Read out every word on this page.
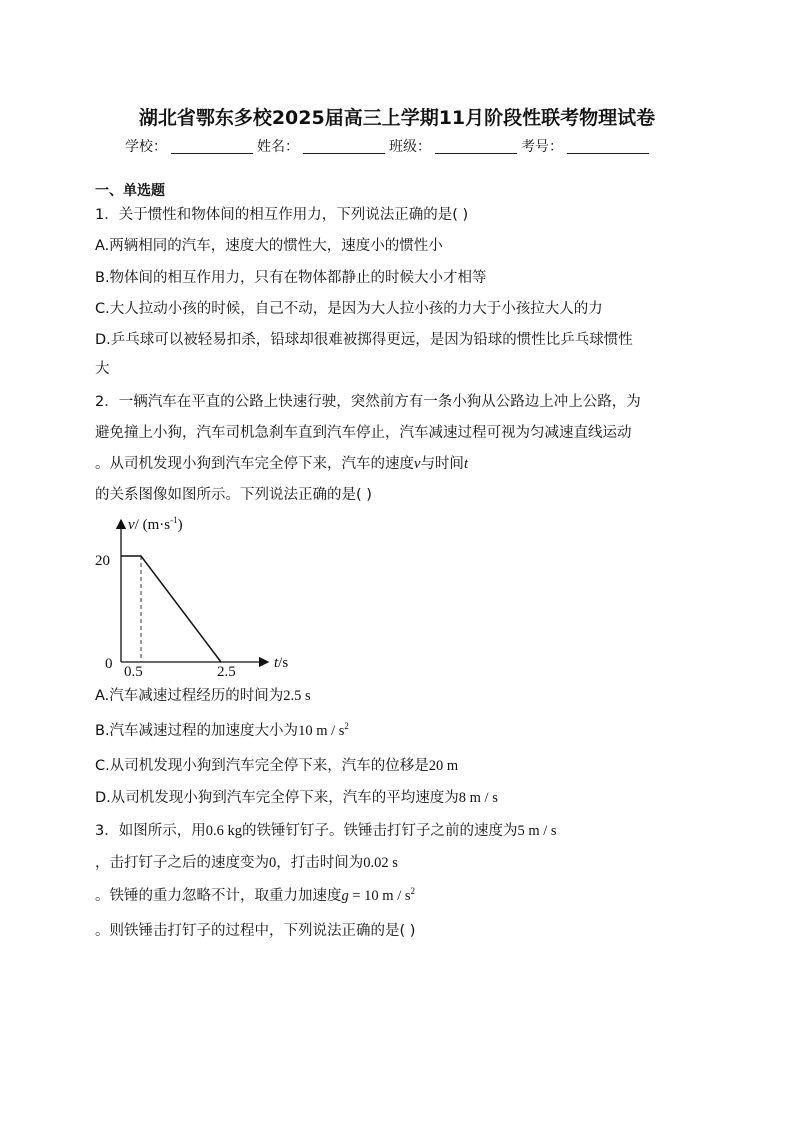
湖北省鄂东多校2025届高三上学期11月阶段性联考物理试卷
学校：	姓名：	班级：	考号：
一、单选题
1．关于惯性和物体间的相互作用力，下列说法正确的是( )
A.两辆相同的汽车，速度大的惯性大，速度小的惯性小
B.物体间的相互作用力，只有在物体都静止的时候大小才相等
C.大人拉动小孩的时候，自己不动，是因为大人拉小孩的力大于小孩拉大人的力
D.乒乓球可以被轻易扣杀，铅球却很难被掷得更远，是因为铅球的惯性比乒乓球惯性
大
2．一辆汽车在平直的公路上快速行驶，突然前方有一条小狗从公路边上冲上公路，为
避免撞上小狗，汽车司机急刹车直到汽车停止，汽车减速过程可视为匀减速直线运动
。从司机发现小狗到汽车完全停下来，汽车的速度v与时间t
的关系图像如图所示。下列说法正确的是( )
v/ $(m\cdot s^{-1})$
t/s
0
20
0.5	2.5
A.汽车减速过程经历的时间为2.5 s
B.汽车减速过程的加速度大小为10 m / $s^2$
C.从司机发现小狗到汽车完全停下来，汽车的位移是20 m
D.从司机发现小狗到汽车完全停下来，汽车的平均速度为8 m / s
3．如图所示，用0.6 kg的铁锤钉钉子。铁锤击打钉子之前的速度为5 m / s
，击打钉子之后的速度变为0，打击时间为0.02 s
。铁锤的重力忽略不计，取重力加速度g = 10 m / $s^2$
。则铁锤击打钉子的过程中，下列说法正确的是( )
